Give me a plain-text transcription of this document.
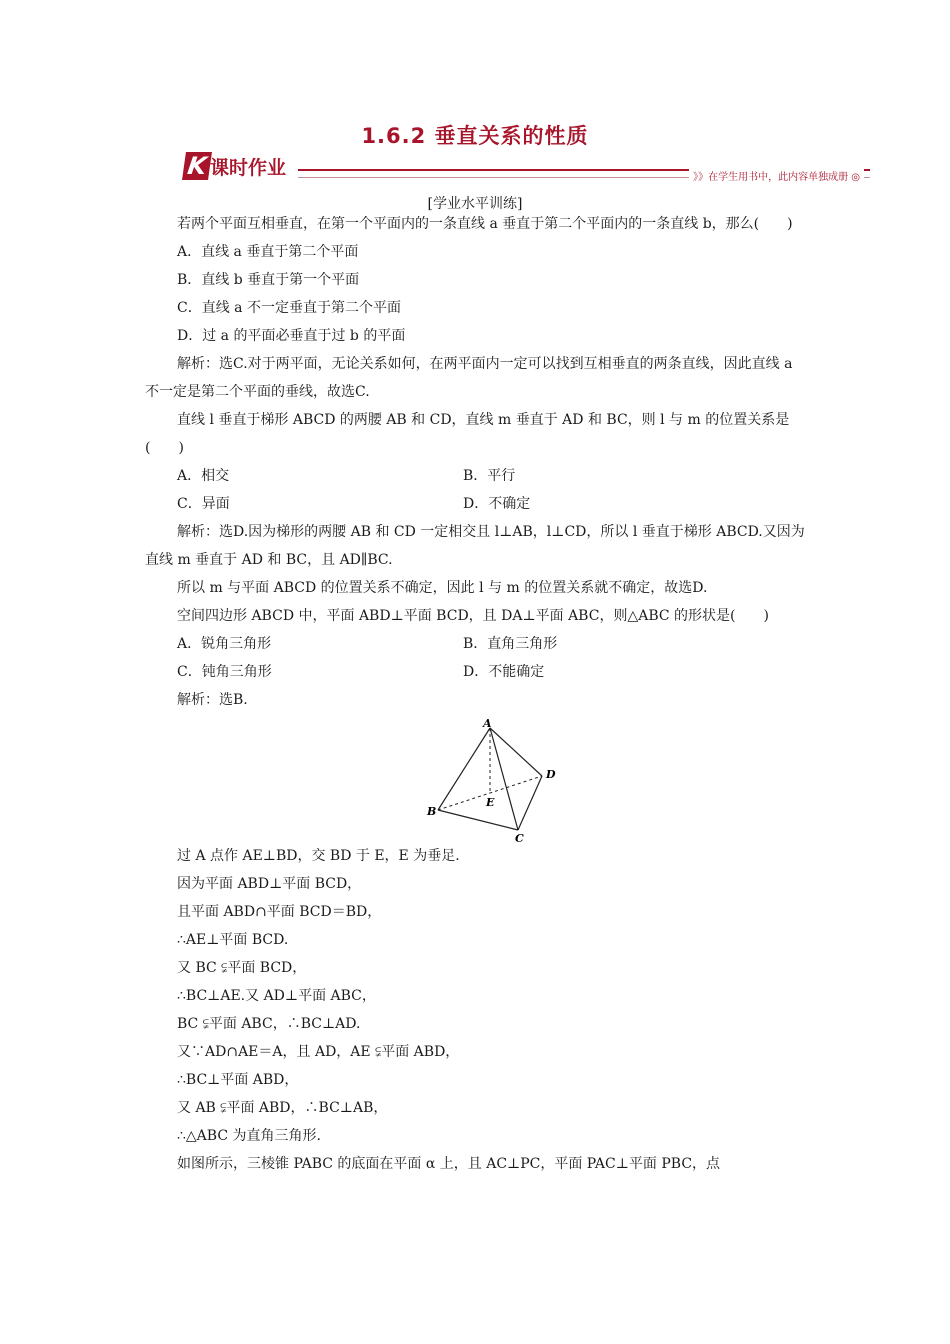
1.6.2 垂直关系的性质
K 课时作业	》》在学生用书中，此内容单独成册 ◎
[学业水平训练]

若两个平面互相垂直，在第一个平面内的一条直线 a 垂直于第二个平面内的一条直线 b，那么(　　)

A．直线 a 垂直于第二个平面

B．直线 b 垂直于第一个平面

C．直线 a 不一定垂直于第二个平面

D．过 a 的平面必垂直于过 b 的平面

解析：选C.对于两平面，无论关系如何，在两平面内一定可以找到互相垂直的两条直线，因此直线 a 不一定是第二个平面的垂线，故选C.

直线 l 垂直于梯形 ABCD 的两腰 AB 和 CD，直线 m 垂直于 AD 和 BC，则 l 与 m 的位置关系是(　　)

A．相交	B．平行
C．异面	D．不确定

解析：选D.因为梯形的两腰 AB 和 CD 一定相交且 l⊥AB，l⊥CD，所以 l 垂直于梯形 ABCD.又因为直线 m 垂直于 AD 和 BC，且 AD∥BC.

所以 m 与平面 ABCD 的位置关系不确定，因此 l 与 m 的位置关系就不确定，故选D.

空间四边形 ABCD 中，平面 ABD⊥平面 BCD，且 DA⊥平面 ABC，则△ABC 的形状是(　　)

A．锐角三角形	B．直角三角形
C．钝角三角形	D．不能确定

解析：选B.

A
B
C
D
E

过 A 点作 AE⊥BD，交 BD 于 E，E 为垂足.

因为平面 ABD⊥平面 BCD，

且平面 ABD∩平面 BCD＝BD，

∴AE⊥平面 BCD.

又 BC ⫋平面 BCD，

∴BC⊥AE.又 AD⊥平面 ABC，

BC ⫋平面 ABC，∴BC⊥AD.

又∵AD∩AE＝A，且 AD，AE ⫋平面 ABD，

∴BC⊥平面 ABD，

又 AB ⫋平面 ABD，∴BC⊥AB，

∴△ABC 为直角三角形.

如图所示，三棱锥 PABC 的底面在平面 α 上，且 AC⊥PC，平面 PAC⊥平面 PBC，点
